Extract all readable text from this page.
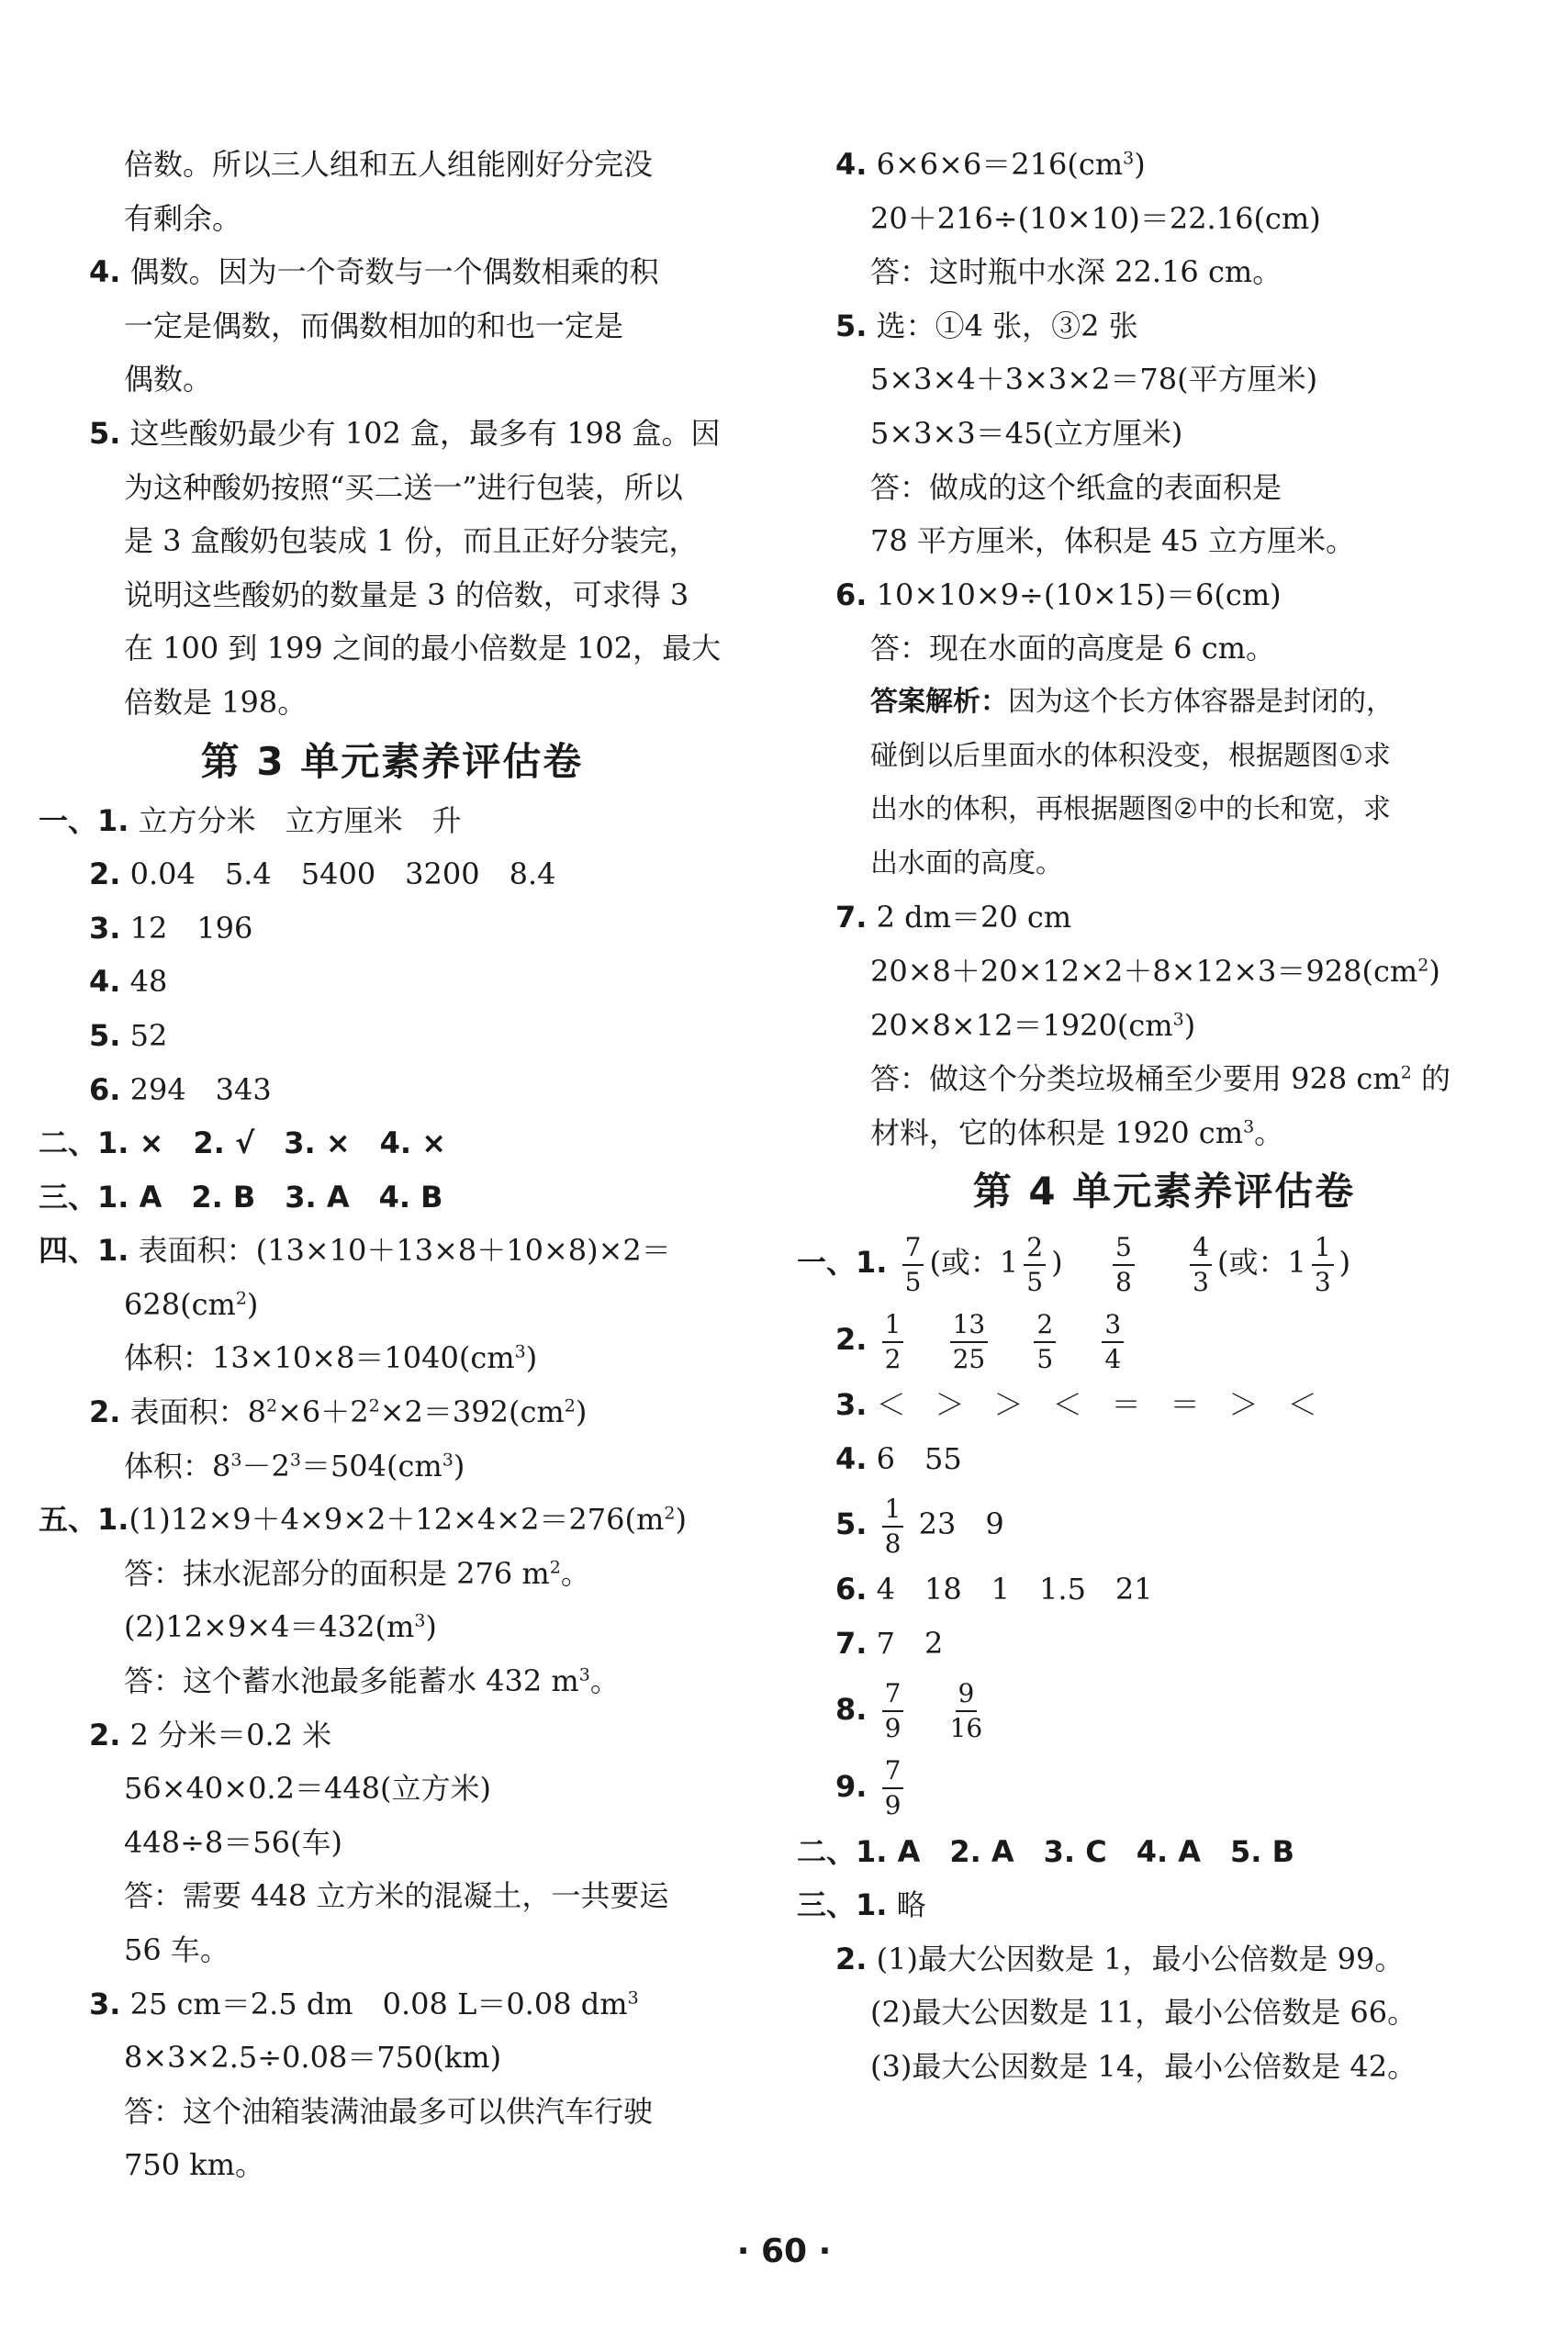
倍数。所以三人组和五人组能刚好分完没
有剩余。
4. 偶数。因为一个奇数与一个偶数相乘的积
一定是偶数，而偶数相加的和也一定是
偶数。
5. 这些酸奶最少有 102 盒，最多有 198 盒。因
为这种酸奶按照“买二送一”进行包装，所以
是 3 盒酸奶包装成 1 份，而且正好分装完，
说明这些酸奶的数量是 3 的倍数，可求得 3
在 100 到 199 之间的最小倍数是 102，最大
倍数是 198。
第 3 单元素养评估卷
一、1. 立方分米　立方厘米　升
2. 0.04　5.4　5400　3200　8.4
3. 12　196
4. 48
5. 52
6. 294　343
二、1. ×　2. √　3. ×　4. ×
三、1. A　2. B　3. A　4. B
四、1. 表面积：(13×10＋13×8＋10×8)×2＝
$628(cm^2)$
体积：$13\times 10\times 8=1040(cm^3)$
2. 表面积：$8^2\times 6+2^2\times 2=392(cm^2)$
体积：$8^3-2^3=504(cm^3)$
五、$1.(1)12\times 9+4\times 9\times 2+12\times 4\times 2=276(m^2)$
答：抹水泥部分的面积是 276 $m^2$。
$(2)12\times 9\times 4=432(m^3)$
答：这个蓄水池最多能蓄水 432 $m^3$。
2. 2 分米＝0.2 米
56×40×0.2＝448(立方米)
448÷8＝56(车)
答：需要 448 立方米的混凝土，一共要运
56 车。
3. 25 cm＝2.5 dm　0.08 L＝0.08 $dm^3$
8×3×2.5÷0.08＝750(km)
答：这个油箱装满油最多可以供汽车行驶
750 km。
4. $6\times 6\times 6=216(cm^3)$
20＋216÷(10×10)＝22.16(cm)
答：这时瓶中水深 22.16 cm。
5. 选：①4 张，③2 张
5×3×4＋3×3×2＝78(平方厘米)
5×3×3＝45(立方厘米)
答：做成的这个纸盒的表面积是
78 平方厘米，体积是 45 立方厘米。
6. 10×10×9÷(10×15)＝6(cm)
答：现在水面的高度是 6 cm。
答案解析：因为这个长方体容器是封闭的，
碰倒以后里面水的体积没变，根据题图①求
出水的体积，再根据题图②中的长和宽，求
出水面的高度。
7. 2 dm＝20 cm
$20\times 8+20\times 12\times 2+8\times 12\times 3=928(cm^2)$
$20\times 8\times 12=1920(cm^3)$
答：做这个分类垃圾桶至少要用 928 $cm^2$ 的
材料，它的体积是 1920 $cm^3$。
第 4 单元素养评估卷
一、1. $\frac{7}{5}$ (或：$1 \frac{2}{5}$ ) $\frac{5}{8}$
$\frac{4}{3}$ (或：$1 \frac{1}{3}$ )
2. $\frac{1}{2}$
$\frac{13}{25}$
$\frac{2}{5}$
$\frac{3}{4}$
3. ＜　＞　＞　＜　＝　＝　＞　＜
4. 6　55
5. $\frac{1}{8} 23$　9
6. 4　18　1　1.5　21
7. 7　2
8. $\frac{7}{9}$
$\frac{9}{16}$
9. $\frac{7}{9}$
二、1. A　2. A　3. C　4. A　5. B
三、1. 略
2. (1)最大公因数是 1，最小公倍数是 99。
(2)最大公因数是 11，最小公倍数是 66。
(3)最大公因数是 14，最小公倍数是 42。
· 60 ·
